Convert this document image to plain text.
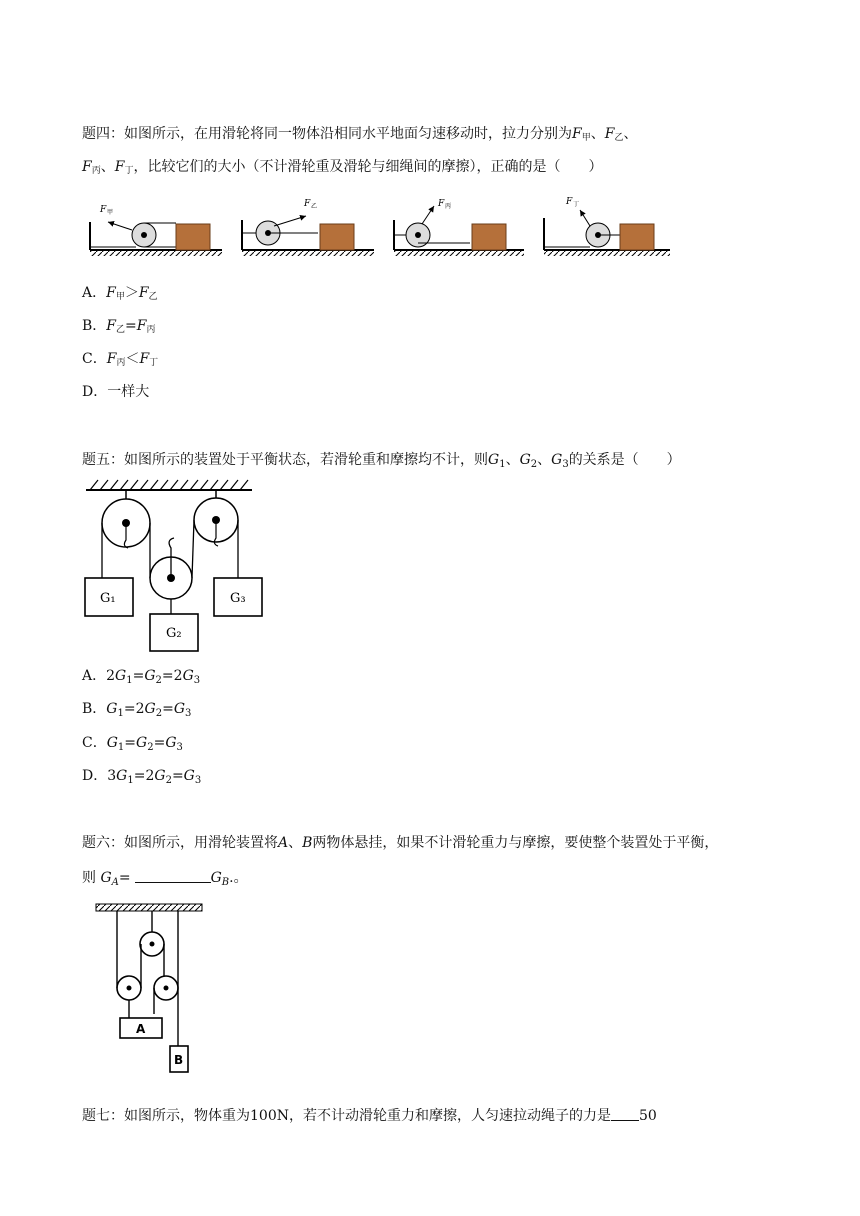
题四：如图所示，在用滑轮将同一物体沿相同水平地面匀速移动时，拉力分别为$F_甲$、$F_乙$、
$F_丙$、$F_丁$，比较它们的大小（不计滑轮重及滑轮与细绳间的摩擦），正确的是（　　）
F 甲
F 乙	F 丙	F 丁
A．$F_甲>F_乙$
B．$F_乙=F_丙$
C．$F_丙<F_丁$
D．一样大
题五：如图所示的装置处于平衡状态，若滑轮重和摩擦均不计，则$G_1$、$G_2$、$G_3$的关系是（　　）
G₁	G₃
G₂
A．$2G_1=G_2=2G_3$
B．$G_1=2G_2=G_3$
C．$G_1=G_2=G_3$
D．$3G_1=2G_2=G_3$
题六：如图所示，用滑轮装置将A、B两物体悬挂，如果不计滑轮重力与摩擦，要使整个装置处于平衡，
则 $G_A=$	$G_B$.。
A
B
题七：如图所示，物体重为100N，若不计动滑轮重力和摩擦，人匀速拉动绳子的力是 50
